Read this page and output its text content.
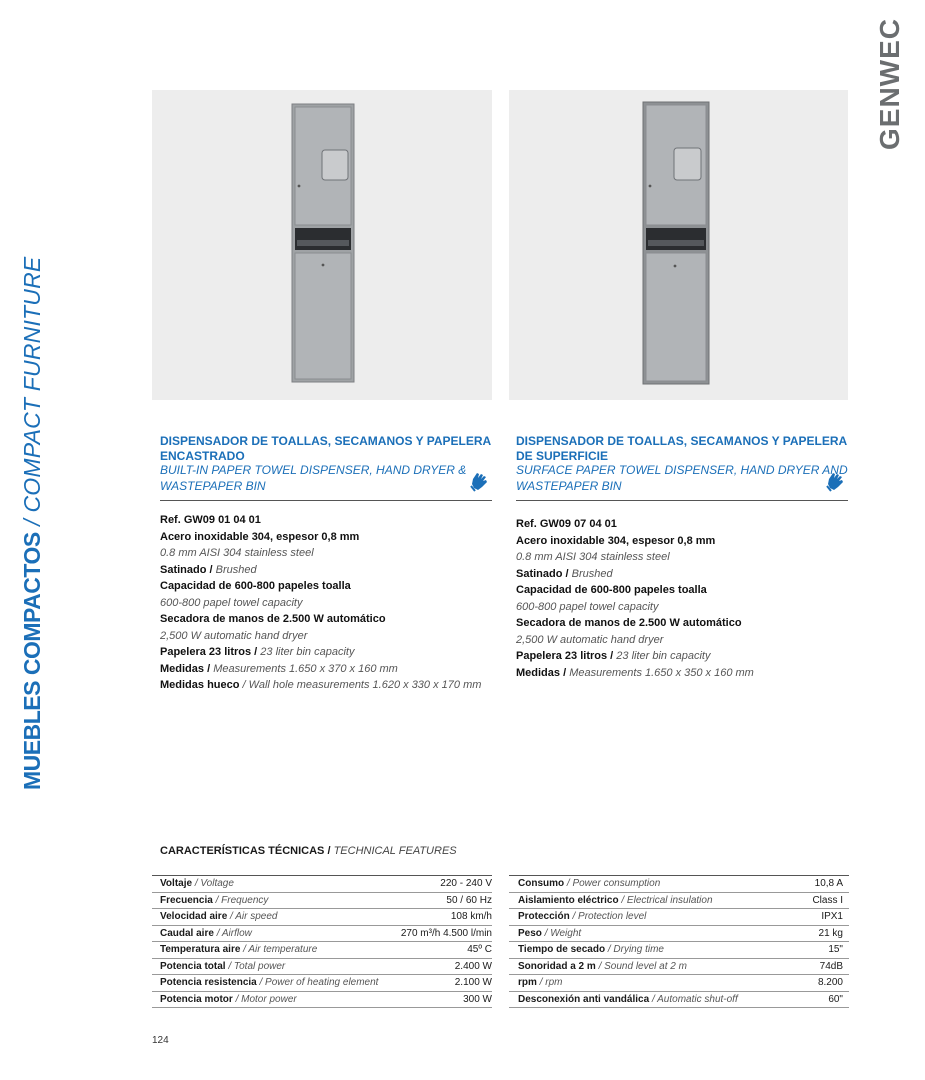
MUEBLES COMPACTOS / COMPACT FURNITURE
GENWEC
DISPENSADOR DE TOALLAS, SECAMANOS Y PAPELERA
ENCASTRADO
BUILT-IN PAPER TOWEL DISPENSER, HAND DRYER &
WASTEPAPER BIN
DISPENSADOR DE TOALLAS, SECAMANOS Y PAPELERA
DE SUPERFICIE
SURFACE PAPER TOWEL DISPENSER, HAND DRYER AND
WASTEPAPER BIN
Ref. GW09 01 04 01
Acero inoxidable 304, espesor 0,8 mm
0.8 mm AISI 304 stainless steel
Satinado / Brushed
Capacidad de 600-800 papeles toalla
600-800 papel towel capacity
Secadora de manos de 2.500 W automático
2,500 W automatic hand dryer
Papelera 23 litros / 23 liter bin capacity
Medidas / Measurements 1.650 x 370 x 160 mm
Medidas hueco / Wall hole measurements 1.620 x 330 x 170 mm
Ref. GW09 07 04 01
Acero inoxidable 304, espesor 0,8 mm
0.8 mm AISI 304 stainless steel
Satinado / Brushed
Capacidad de 600-800 papeles toalla
600-800 papel towel capacity
Secadora de manos de 2.500 W automático
2,500 W automatic hand dryer
Papelera 23 litros / 23 liter bin capacity
Medidas / Measurements 1.650 x 350 x 160 mm
CARACTERÍSTICAS TÉCNICAS / TECHNICAL FEATURES
Voltaje / Voltage	220 - 240 V
Frecuencia / Frequency	50 / 60 Hz
Velocidad aire / Air speed	108 km/h
Caudal aire / Airflow	270 m³/h 4.500 l/min
Temperatura aire / Air temperature	45º C
Potencia total / Total power	2.400 W
Potencia resistencia / Power of heating element	2.100 W
Potencia motor / Motor power	300 W
Consumo / Power consumption	10,8 A
Aislamiento eléctrico / Electrical insulation	Class I
Protección / Protection level	IPX1
Peso / Weight	21 kg
Tiempo de secado / Drying time	15"
Sonoridad a 2 m / Sound level at 2 m	74dB
rpm / rpm	8.200
Desconexión anti vandálica / Automatic shut-off	60"
124
